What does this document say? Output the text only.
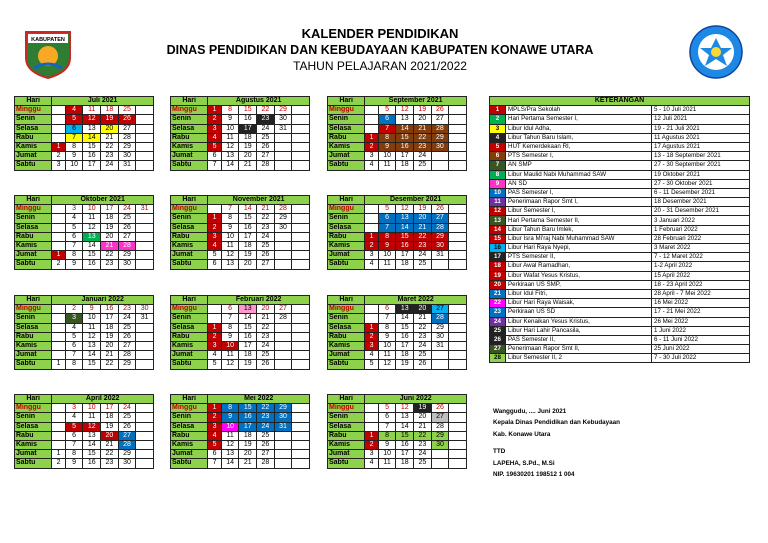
KABUPATEN	KALENDER PENDIDIKAN
DINAS PENDIDIKAN DAN KEBUDAYAAN KABUPATEN KONAWE UTARA
TAHUN PELAJARAN 2021/2022
Hari	Juli 2021					
Minggu		4	11	18	25	
Senin		5	12	19	26	
Selasa		6	13	20	27	
Rabu		7	14	21	28	
Kamis	1	8	15	22	29	
Jumat	2	9	16	23	30	
Sabtu	3	10	17	24	31	
Hari	Agustus 2021					
Minggu	1	8	15	22	29	
Senin	2	9	16	23	30	
Selasa	3	10	17	24	31	
Rabu	4	11	18	25		
Kamis	5	12	19	26		
Jumat	6	13	20	27		
Sabtu	7	14	21	28		
Hari	September 2021					
Minggu		5	12	19	26	
Senin		6	13	20	27	
Selasa		7	14	21	28	
Rabu	1	8	15	22	29	
Kamis	2	9	16	23	30	
Jumat	3	10	17	24		
Sabtu	4	11	18	25		
Hari	Oktober 2021					
Minggu		3	10	17	24	31
Senin		4	11	18	25	
Selasa		5	12	19	26	
Rabu		6	13	20	27	
Kamis		7	14	21	28	
Jumat	1	8	15	22	29	
Sabtu	2	9	16	23	30	
Hari	November 2021					
Minggu		7	14	21	28	
Senin	1	8	15	22	29	
Selasa	2	9	16	23	30	
Rabu	3	10	17	24		
Kamis	4	11	18	25		
Jumat	5	12	19	26		
Sabtu	6	13	20	27		
Hari	Desember 2021					
Minggu		5	12	19	26	
Senin		6	13	20	27	
Selasa		7	14	21	28	
Rabu	1	8	15	22	29	
Kamis	2	9	16	23	30	
Jumat	3	10	17	24	31	
Sabtu	4	11	18	25		
Hari	Januari 2022					
Minggu		2	9	16	23	30
Senin		3	10	17	24	31
Selasa		4	11	18	25	
Rabu		5	12	19	26	
Kamis		6	13	20	27	
Jumat		7	14	21	28	
Sabtu	1	8	15	22	29	
Hari	Februari 2022					
Minggu		6	13	20	27	
Senin		7	14	21	28	
Selasa	1	8	15	22		
Rabu	2	9	16	23		
Kamis	3	10	17	24		
Jumat	4	11	18	25		
Sabtu	5	12	19	26		
Hari	Maret 2022					
Minggu		6	13	20	27	
Senin		7	14	21	28	
Selasa	1	8	15	22	29	
Rabu	2	9	16	23	30	
Kamis	3	10	17	24	31	
Jumat	4	11	18	25		
Sabtu	5	12	19	26		
Hari	April 2022					
Minggu		3	10	17	24	
Senin		4	11	18	25	
Selasa		5	12	19	26	
Rabu		6	13	20	27	
Kamis		7	14	21	28	
Jumat	1	8	15	22	29	
Sabtu	2	9	16	23	30	
Hari	Mei 2022					
Minggu	1	8	15	22	29	
Senin	2	9	16	23	30	
Selasa	3	10	17	24	31	
Rabu	4	11	18	25		
Kamis	5	12	19	26		
Jumat	6	13	20	27		
Sabtu	7	14	21	28		
Hari	Juni 2022					
Minggu		5	12	19	26	
Senin		6	13	20	27	
Selasa		7	14	21	28	
Rabu	1	8	15	22	29	
Kamis	2	9	16	23	30	
Jumat	3	10	17	24		
Sabtu	4	11	18	25		
KETERANGAN		
1	MPLS/Pra Sekolah	5 - 10 Juli 2021
2	Hari Pertama Semester I,	12 Juli 2021
3	Libur Idul Adha,	19 - 21 Juli 2021
4	Libur Tahun Baru Islam,	11 Agustus 2021
5	HUT Kemerdekaan RI,	17 Agustus 2021
6	PTS Semester I,	13 - 18 September 2021
7	AN SMP	27 - 30 September 2021
8	Libur Maulid Nabi Muhammad SAW	19 Oktober 2021
9	AN SD	27 - 30 Oktober 2021
10	PAS Semester I,	6 - 11 Desember 2021
11	Penerimaan Rapor Smt I,	18 Desember 2021
12	Libur Semester I,	20 - 31 Desember 2021
13	Hari Pertama Semester II,	3 Januari 2022
14	Libur Tahun Baru Imlek,	1 Februari 2022
15	Libur Isra Mi'raj Nabi Muhammad SAW	28 Februari 2022
16	Libur Hari Raya Nyepi,	3 Maret 2022
17	PTS Semester II,	7 - 12 Maret 2022
18	Libur Awal Ramadhan,	1-2 April 2022
19	Libur Wafat Yesus Kristus,	15 April 2022
20	Perkiraan US SMP,	18 - 23 April 2022
21	Libur Idul Fitri,	28 April - 7 Mei 2022
22	Libur Hari Raya Waisak,	16 Mei 2022
23	Perkiraan US SD	17 - 21 Mei 2022
24	Libur Kenaikan Yesus Kristus,	26 Mei 2022
25	Libur Hari Lahir Pancasila,	1 Juni 2022
26	PAS Semester II,	6 - 11 Juni 2022
27	Penerimaan Rapor Smt II,	25 Juni 2022
28	Libur Semester II, 2	7 - 30 Juli 2022
Wanggudu, .... Juni 2021
Kepala Dinas Pendidikan dan Kebudayaan
Kab. Konawe Utara
TTD
LAPEHA, S.Pd., M.Si
NIP. 19630201 198512 1 004
